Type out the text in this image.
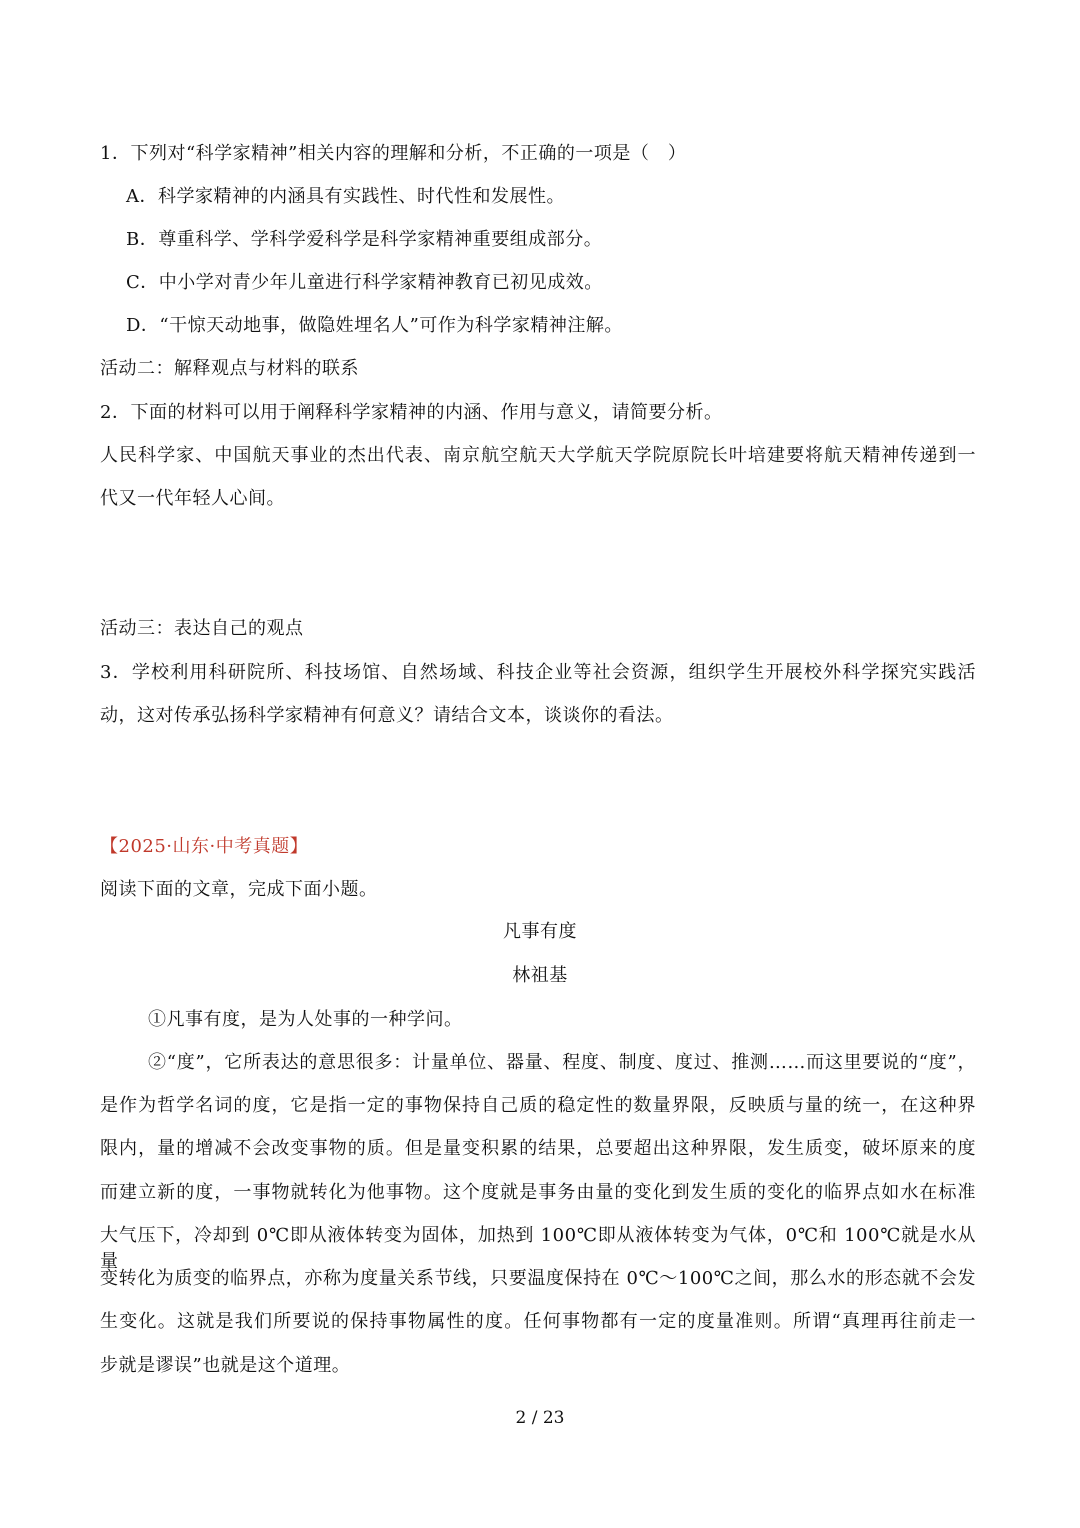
1．下列对“科学家精神”相关内容的理解和分析，不正确的一项是（　）
A．科学家精神的内涵具有实践性、时代性和发展性。
B．尊重科学、学科学爱科学是科学家精神重要组成部分。
C．中小学对青少年儿童进行科学家精神教育已初见成效。
D．“干惊天动地事，做隐姓埋名人”可作为科学家精神注解。
活动二：解释观点与材料的联系
2．下面的材料可以用于阐释科学家精神的内涵、作用与意义，请简要分析。
人民科学家、中国航天事业的杰出代表、南京航空航天大学航天学院原院长叶培建要将航天精神传递到一
代又一代年轻人心间。
活动三：表达自己的观点
3．学校利用科研院所、科技场馆、自然场域、科技企业等社会资源，组织学生开展校外科学探究实践活
动，这对传承弘扬科学家精神有何意义？请结合文本，谈谈你的看法。
【2025·山东·中考真题】
阅读下面的文章，完成下面小题。
凡事有度
林祖基
①凡事有度，是为人处事的一种学问。
②“度”，它所表达的意思很多：计量单位、器量、程度、制度、度过、推测……而这里要说的“度”，
是作为哲学名词的度，它是指一定的事物保持自己质的稳定性的数量界限，反映质与量的统一，在这种界
限内，量的增减不会改变事物的质。但是量变积累的结果，总要超出这种界限，发生质变，破坏原来的度
而建立新的度，一事物就转化为他事物。这个度就是事务由量的变化到发生质的变化的临界点如水在标准
大气压下，冷却到 0℃即从液体转变为固体，加热到 100℃即从液体转变为气体，0℃和 100℃就是水从量
变转化为质变的临界点，亦称为度量关系节线，只要温度保持在 0℃～100℃之间，那么水的形态就不会发
生变化。这就是我们所要说的保持事物属性的度。任何事物都有一定的度量准则。所谓“真理再往前走一
步就是谬误”也就是这个道理。
2 / 23
